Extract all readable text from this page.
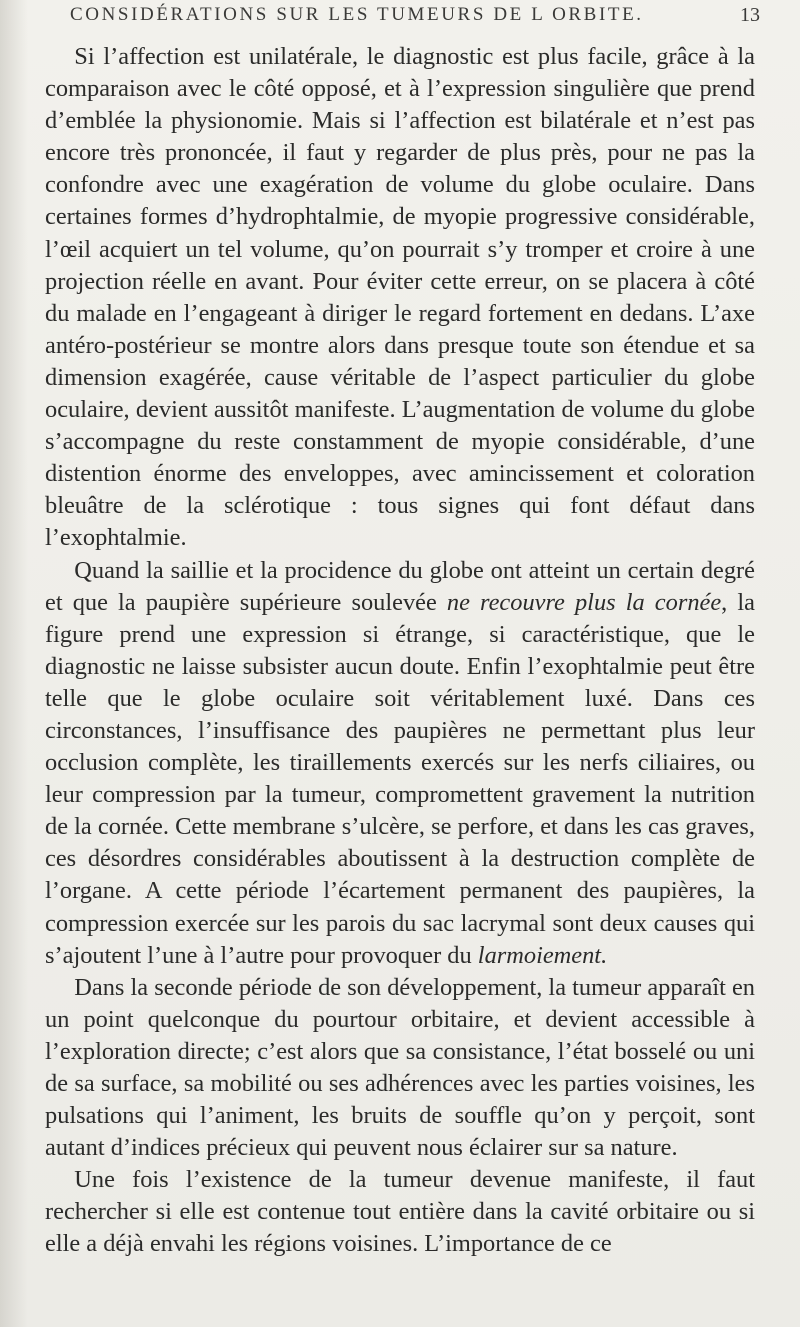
CONSIDÉRATIONS SUR LES TUMEURS DE L ORBITE.	13

Si l’affection est unilatérale, le diagnostic est plus facile, grâce à la comparaison avec le côté opposé, et à l’expression singulière que prend d’emblée la physionomie. Mais si l’affection est bilatérale et n’est pas encore très prononcée, il faut y regarder de plus près, pour ne pas la confondre avec une exagération de volume du globe oculaire. Dans certaines formes d’hydrophtalmie, de myopie progressive considérable, l’œil acquiert un tel volume, qu’on pourrait s’y tromper et croire à une projection réelle en avant. Pour éviter cette erreur, on se placera à côté du malade en l’engageant à diriger le regard fortement en dedans. L’axe antéro-postérieur se montre alors dans presque toute son étendue et sa dimension exagérée, cause véritable de l’aspect particulier du globe oculaire, devient aussitôt manifeste. L’augmentation de volume du globe s’accompagne du reste constamment de myopie considérable, d’une distention énorme des enveloppes, avec amincissement et coloration bleuâtre de la sclérotique : tous signes qui font défaut dans l’exophtalmie.

Quand la saillie et la procidence du globe ont atteint un certain degré et que la paupière supérieure soulevée ne recouvre plus la cornée, la figure prend une expression si étrange, si caractéristique, que le diagnostic ne laisse subsister aucun doute. Enfin l’exophtalmie peut être telle que le globe oculaire soit véritablement luxé. Dans ces circonstances, l’insuffisance des paupières ne permettant plus leur occlusion complète, les tiraillements exercés sur les nerfs ciliaires, ou leur compression par la tumeur, compromettent gravement la nutrition de la cornée. Cette membrane s’ulcère, se perfore, et dans les cas graves, ces désordres considérables aboutissent à la destruction complète de l’organe. A cette période l’écartement permanent des paupières, la compression exercée sur les parois du sac lacrymal sont deux causes qui s’ajoutent l’une à l’autre pour provoquer du larmoiement.

Dans la seconde période de son développement, la tumeur apparaît en un point quelconque du pourtour orbitaire, et devient accessible à l’exploration directe; c’est alors que sa consistance, l’état bosselé ou uni de sa surface, sa mobilité ou ses adhérences avec les parties voisines, les pulsations qui l’animent, les bruits de souffle qu’on y perçoit, sont autant d’indices précieux qui peuvent nous éclairer sur sa nature.

Une fois l’existence de la tumeur devenue manifeste, il faut rechercher si elle est contenue tout entière dans la cavité orbitaire ou si elle a déjà envahi les régions voisines. L’importance de ce
